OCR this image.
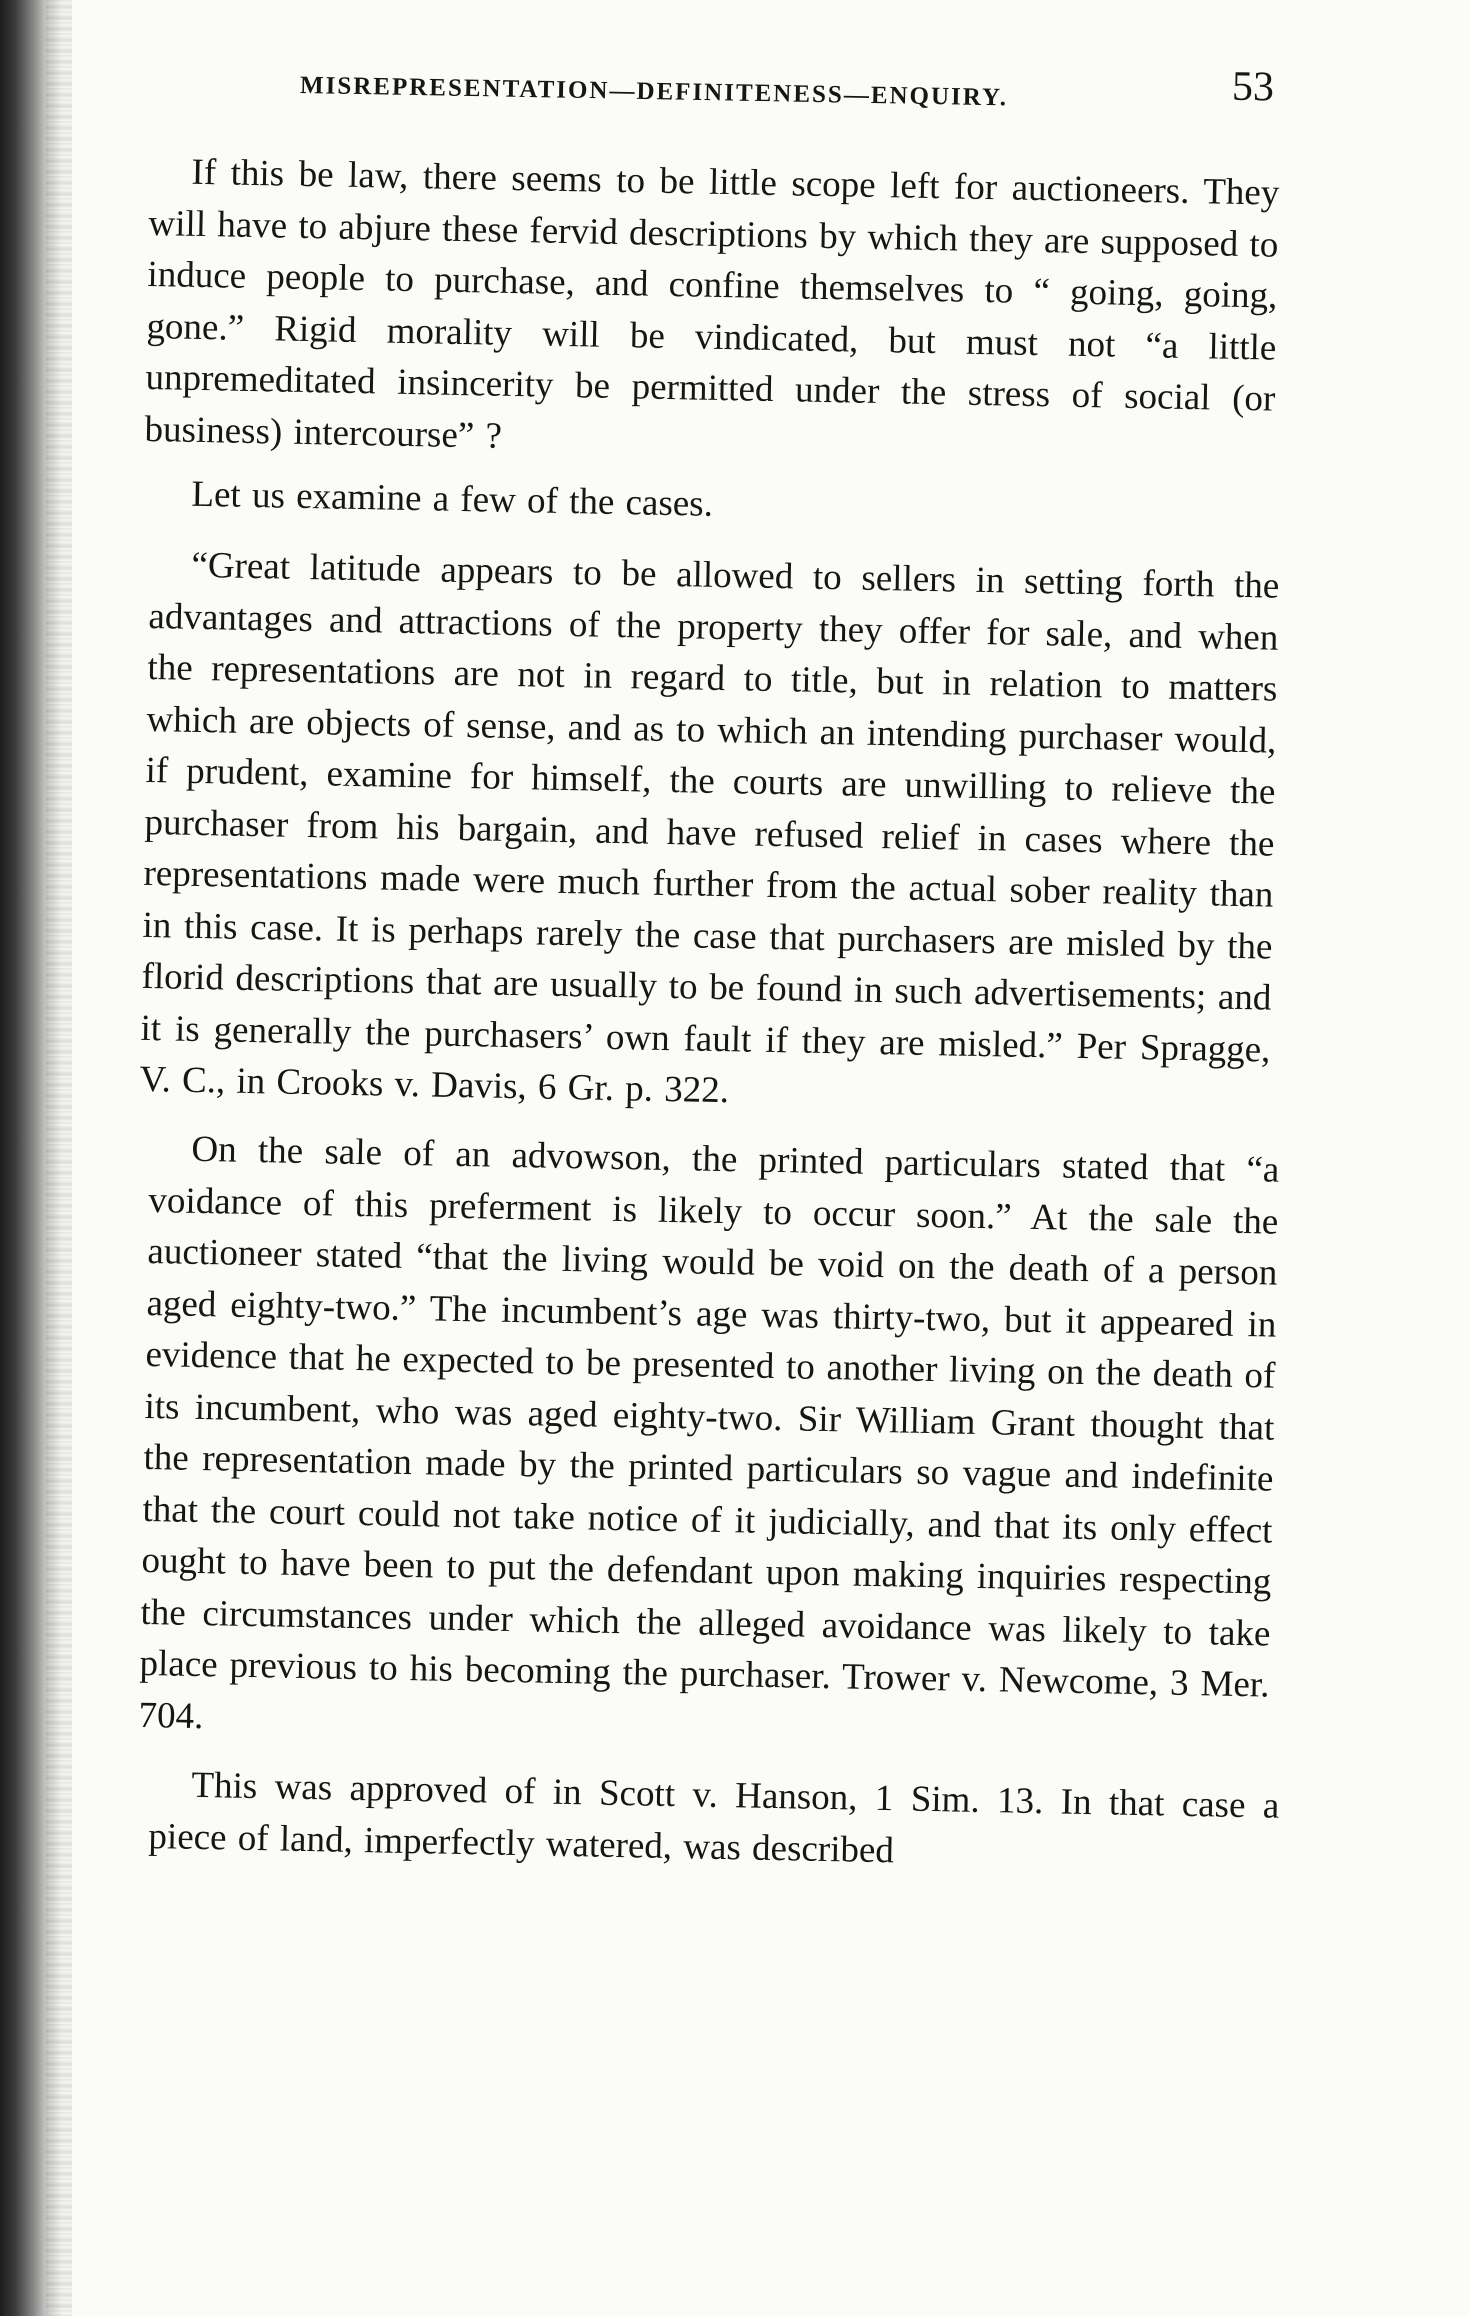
MISREPRESENTATION—DEFINITENESS—ENQUIRY.	53

If this be law, there seems to be little scope left for auctioneers. They will have to abjure these fervid descriptions by which they are supposed to induce people to purchase, and confine themselves to “ going, going, gone.” Rigid morality will be vindicated, but must not “a little unpremeditated insincerity be permitted under the stress of social (or business) intercourse” ?

Let us examine a few of the cases.

“Great latitude appears to be allowed to sellers in setting forth the advantages and attractions of the property they offer for sale, and when the representations are not in regard to title, but in relation to matters which are objects of sense, and as to which an intending purchaser would, if prudent, examine for himself, the courts are unwilling to relieve the purchaser from his bargain, and have refused relief in cases where the representations made were much further from the actual sober reality than in this case. It is perhaps rarely the case that purchasers are misled by the florid descriptions that are usually to be found in such advertisements; and it is generally the purchasers’ own fault if they are misled.” Per Spragge, V. C., in Crooks v. Davis, 6 Gr. p. 322.

On the sale of an advowson, the printed particulars stated that “a voidance of this preferment is likely to occur soon.” At the sale the auctioneer stated “that the living would be void on the death of a person aged eighty-two.” The incumbent’s age was thirty-two, but it appeared in evidence that he expected to be presented to another living on the death of its incumbent, who was aged eighty-two. Sir William Grant thought that the representation made by the printed particulars so vague and indefinite that the court could not take notice of it judicially, and that its only effect ought to have been to put the defendant upon making inquiries respecting the circumstances under which the alleged avoidance was likely to take place previous to his becoming the purchaser. Trower v. Newcome, 3 Mer. 704.

This was approved of in Scott v. Hanson, 1 Sim. 13. In that case a piece of land, imperfectly watered, was described
